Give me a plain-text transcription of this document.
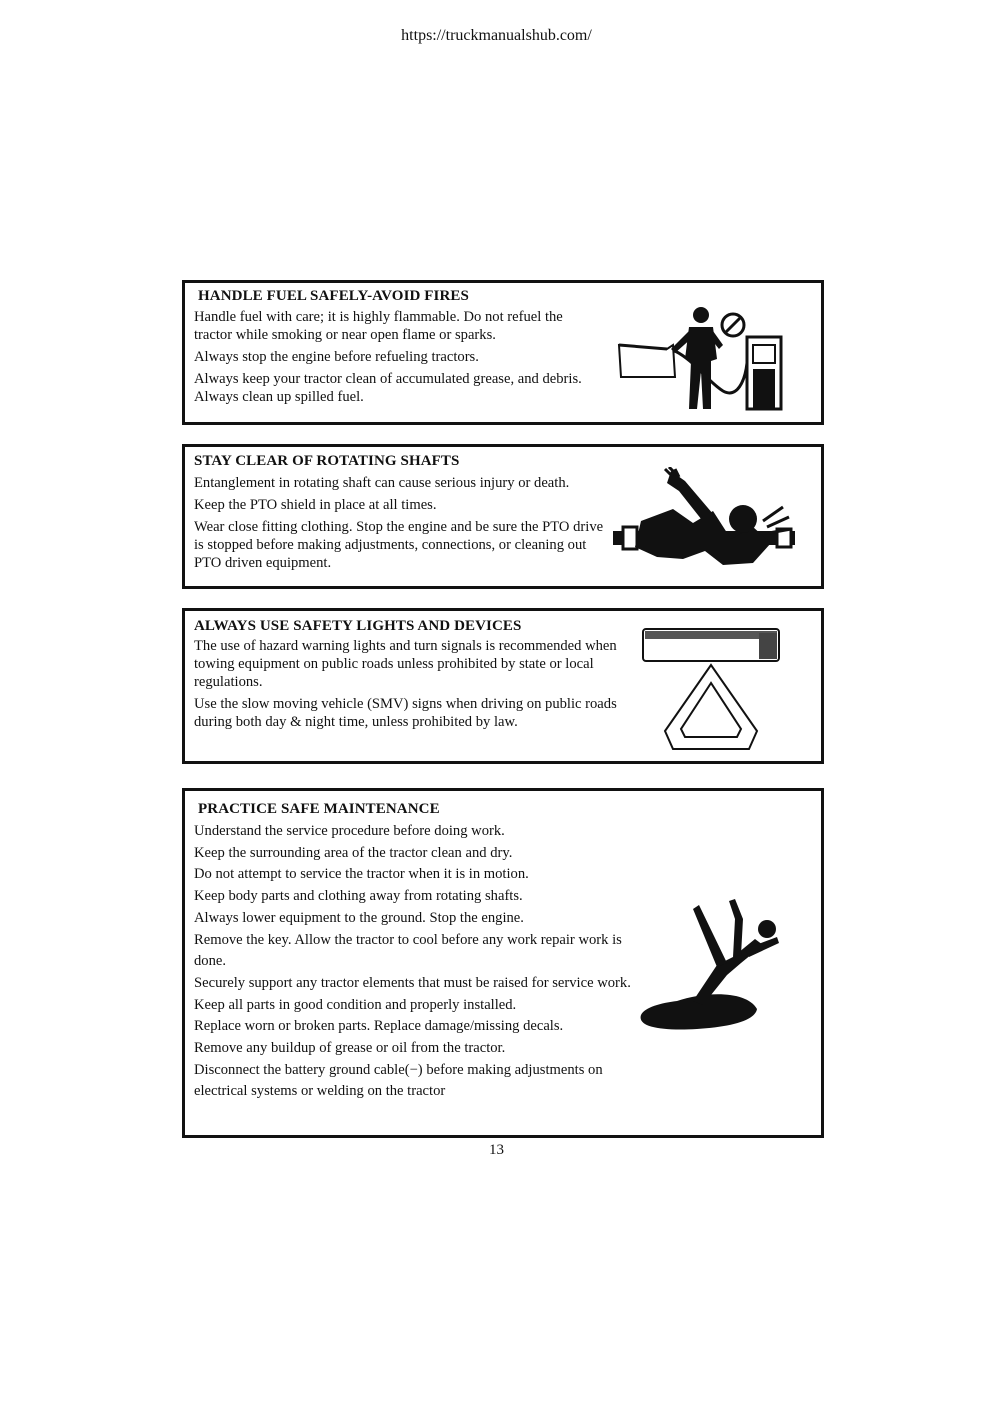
https://truckmanualshub.com/
HANDLE FUEL SAFELY-AVOID FIRES

Handle fuel with care; it is highly flammable. Do not refuel the tractor while smoking or near open flame or sparks.

Always stop the engine before refueling tractors.

Always keep your tractor clean of accumulated grease, and debris. Always clean up spilled fuel.

STAY CLEAR OF ROTATING SHAFTS

Entanglement in rotating shaft can cause serious injury or death.

Keep the PTO shield in place at all times.

Wear close fitting clothing. Stop the engine and be sure the PTO drive is stopped before making adjustments, connections, or cleaning out PTO driven equipment.

ALWAYS USE SAFETY LIGHTS AND DEVICES

The use of hazard warning lights and turn signals is recommended when towing equipment on public roads unless prohibited by state or local regulations.

Use the slow moving vehicle (SMV) signs when driving on public roads during both day & night time, unless prohibited by law.

PRACTICE SAFE MAINTENANCE

Understand the service procedure before doing work.

Keep the surrounding area of the tractor clean and dry.

Do not attempt to service the tractor when it is in motion.

Keep body parts and clothing away from rotating shafts.

Always lower equipment to the ground. Stop the engine.

Remove the key. Allow the tractor to cool before any work repair work is done.

Securely support any tractor elements that must be raised for service work.

Keep all parts in good condition and properly installed.

Replace worn or broken parts. Replace damage/missing decals.

Remove any buildup of grease or oil from the tractor.

Disconnect the battery ground cable(−) before making adjustments on electrical systems or welding on the tractor

13
